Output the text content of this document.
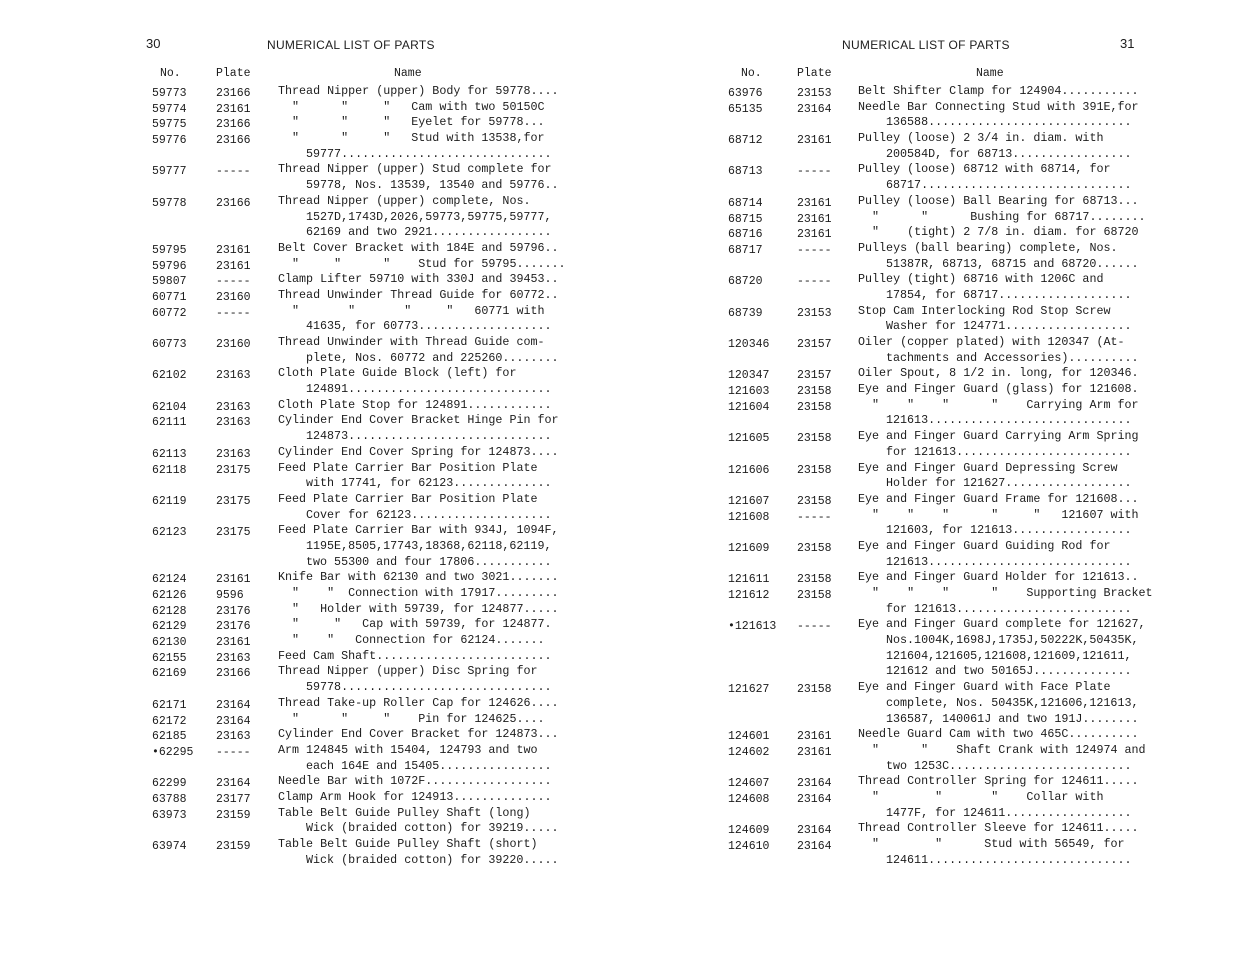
30	NUMERICAL LIST OF PARTS
No.	Plate	Name
59773	23166 Thread Nipper (upper) Body for 59778....
59774	23161 "      "     "   Cam with two 50150C
59775	23166 "      "     "   Eyelet for 59778...
59776	23166 "      "     "   Stud with 13538,for
59777..............................
59777	----- Thread Nipper (upper) Stud complete for
59778, Nos. 13539, 13540 and 59776..
59778	23166 Thread Nipper (upper) complete, Nos.
1527D,1743D,2026,59773,59775,59777,
62169 and two 2921.................
59795	23161 Belt Cover Bracket with 184E and 59796..
59796	23161 "     "      "    Stud for 59795.......
59807	----- Clamp Lifter 59710 with 330J and 39453..
60771	23160 Thread Unwinder Thread Guide for 60772..
60772	----- "       "       "     "   60771 with
41635, for 60773...................
60773	23160 Thread Unwinder with Thread Guide com-
plete, Nos. 60772 and 225260........
62102	23163 Cloth Plate Guide Block (left) for
124891.............................
62104	23163 Cloth Plate Stop for 124891............
62111	23163 Cylinder End Cover Bracket Hinge Pin for
124873.............................
62113	23163 Cylinder End Cover Spring for 124873....
62118	23175 Feed Plate Carrier Bar Position Plate
with 17741, for 62123..............
62119	23175 Feed Plate Carrier Bar Position Plate
Cover for 62123....................
62123	23175 Feed Plate Carrier Bar with 934J, 1094F,
1195E,8505,17743,18368,62118,62119,
two 55300 and four 17806...........
62124	23161 Knife Bar with 62130 and two 3021.......
62126	9596	"    "  Connection with 17917.........
62128	23176 "   Holder with 59739, for 124877.....
62129	23176 "     "   Cap with 59739, for 124877.
62130	23161 "    "   Connection for 62124.......
62155	23163 Feed Cam Shaft.........................
62169	23166 Thread Nipper (upper) Disc Spring for
59778..............................
62171	23164 Thread Take-up Roller Cap for 124626....
62172	23164 "      "     "    Pin for 124625....
62185	23163 Cylinder End Cover Bracket for 124873...
•62295 ----- Arm 124845 with 15404, 124793 and two
each 164E and 15405................
62299	23164 Needle Bar with 1072F..................
63788	23177 Clamp Arm Hook for 124913..............
63973	23159 Table Belt Guide Pulley Shaft (long)
Wick (braided cotton) for 39219.....
63974	23159 Table Belt Guide Pulley Shaft (short)
Wick (braided cotton) for 39220.....
31
NUMERICAL LIST OF PARTS
No.	Plate	Name
63976	23153 Belt Shifter Clamp for 124904...........
65135	23164 Needle Bar Connecting Stud with 391E,for
136588.............................
68712	23161 Pulley (loose) 2 3/4 in. diam. with
200584D, for 68713.................
68713	----- Pulley (loose) 68712 with 68714, for
68717..............................
68714	23161 Pulley (loose) Ball Bearing for 68713...
68715	23161 "      "      Bushing for 68717........
68716	23161 "    (tight) 2 7/8 in. diam. for 68720
68717	----- Pulleys (ball bearing) complete, Nos.
51387R, 68713, 68715 and 68720......
68720	----- Pulley (tight) 68716 with 1206C and
17854, for 68717...................
68739	23153 Stop Cam Interlocking Rod Stop Screw
Washer for 124771..................
120346 23157 Oiler (copper plated) with 120347 (At-
tachments and Accessories)..........
120347 23157 Oiler Spout, 8 1/2 in. long, for 120346.
121603 23158 Eye and Finger Guard (glass) for 121608.
121604 23158 "    "    "      "    Carrying Arm for
121613.............................
121605 23158 Eye and Finger Guard Carrying Arm Spring
for 121613.........................
121606 23158 Eye and Finger Guard Depressing Screw
Holder for 121627..................
121607 23158 Eye and Finger Guard Frame for 121608...
121608 ----- "    "    "      "     "   121607 with
121603, for 121613.................
121609 23158 Eye and Finger Guard Guiding Rod for
121613.............................
121611 23158 Eye and Finger Guard Holder for 121613..
121612 23158 "    "    "      "    Supporting Bracket
for 121613.........................
•121613 ----- Eye and Finger Guard complete for 121627,
Nos.1004K,1698J,1735J,50222K,50435K,
121604,121605,121608,121609,121611,
121612 and two 50165J..............
121627 23158 Eye and Finger Guard with Face Plate
complete, Nos. 50435K,121606,121613,
136587, 140061J and two 191J........
124601 23161 Needle Guard Cam with two 465C..........
124602 23161 "      "    Shaft Crank with 124974 and
two 1253C..........................
124607 23164 Thread Controller Spring for 124611.....
124608 23164 "        "       "    Collar with
1477F, for 124611..................
124609 23164 Thread Controller Sleeve for 124611.....
124610 23164 "        "      Stud with 56549, for
124611.............................
